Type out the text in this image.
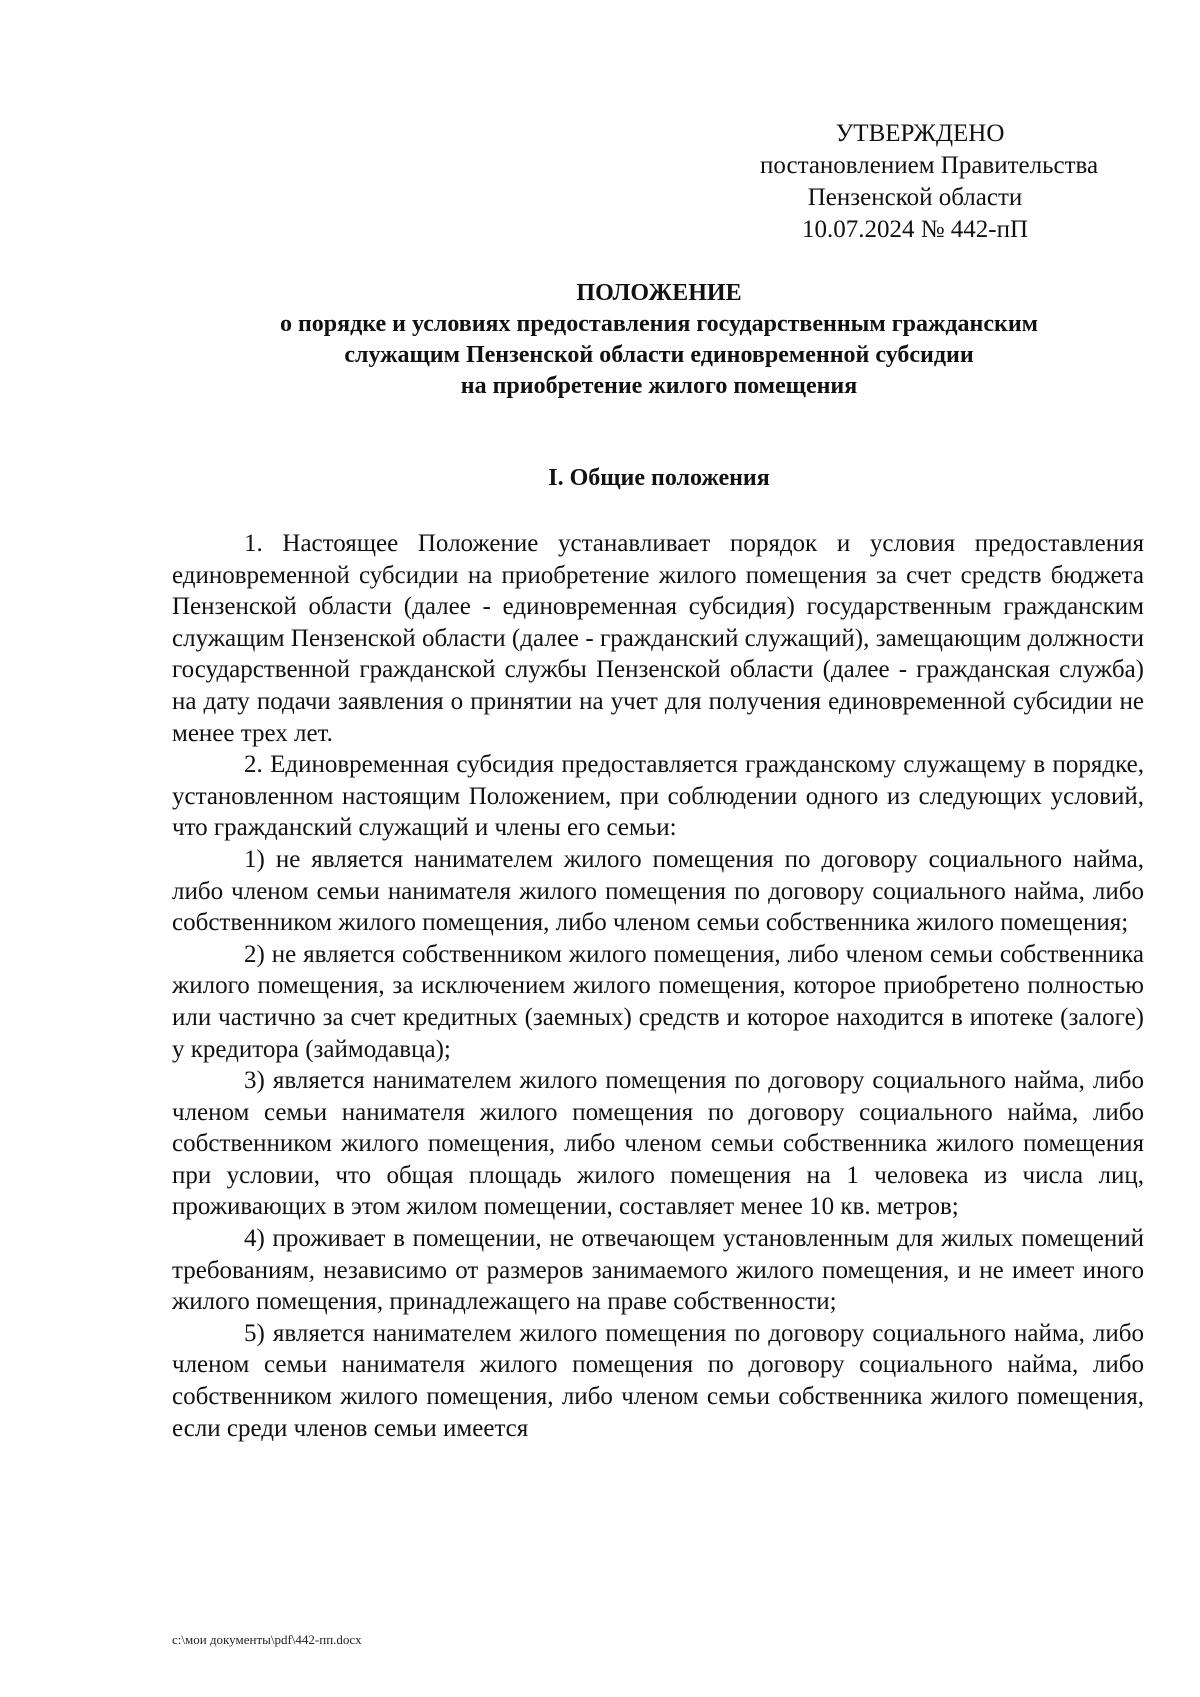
УТВЕРЖДЕНО
постановлением Правительства
Пензенской области
10.07.2024 № 442-пП
ПОЛОЖЕНИЕ
о порядке и условиях предоставления государственным гражданским
служащим Пензенской области единовременной субсидии
на приобретение жилого помещения
I. Общие положения

1. Настоящее Положение устанавливает порядок и условия предоставления единовременной субсидии на приобретение жилого помещения за счет средств бюджета Пензенской области (далее - единовременная субсидия) государственным гражданским служащим Пензенской области (далее - гражданский служащий), замещающим должности государственной гражданской службы Пензенской области (далее - гражданская служба) на дату подачи заявления о принятии на учет для получения единовременной субсидии не менее трех лет.

2. Единовременная субсидия предоставляется гражданскому служащему в порядке, установленном настоящим Положением, при соблюдении одного из следующих условий, что гражданский служащий и члены его семьи:

1) не является нанимателем жилого помещения по договору социального найма, либо членом семьи нанимателя жилого помещения по договору социального найма, либо собственником жилого помещения, либо членом семьи собственника жилого помещения;

2) не является собственником жилого помещения, либо членом семьи собственника жилого помещения, за исключением жилого помещения, которое приобретено полностью или частично за счет кредитных (заемных) средств и которое находится в ипотеке (залоге) у кредитора (займодавца);

3) является нанимателем жилого помещения по договору социального найма, либо членом семьи нанимателя жилого помещения по договору социального найма, либо собственником жилого помещения, либо членом семьи собственника жилого помещения при условии, что общая площадь жилого помещения на 1 человека из числа лиц, проживающих в этом жилом помещении, составляет менее 10 кв. метров;

4) проживает в помещении, не отвечающем установленным для жилых помещений требованиям, независимо от размеров занимаемого жилого помещения, и не имеет иного жилого помещения, принадлежащего на праве собственности;

5) является нанимателем жилого помещения по договору социального найма, либо членом семьи нанимателя жилого помещения по договору социального найма, либо собственником жилого помещения, либо членом семьи собственника жилого помещения, если среди членов семьи имеется

c:\мои документы\pdf\442-пп.docx
